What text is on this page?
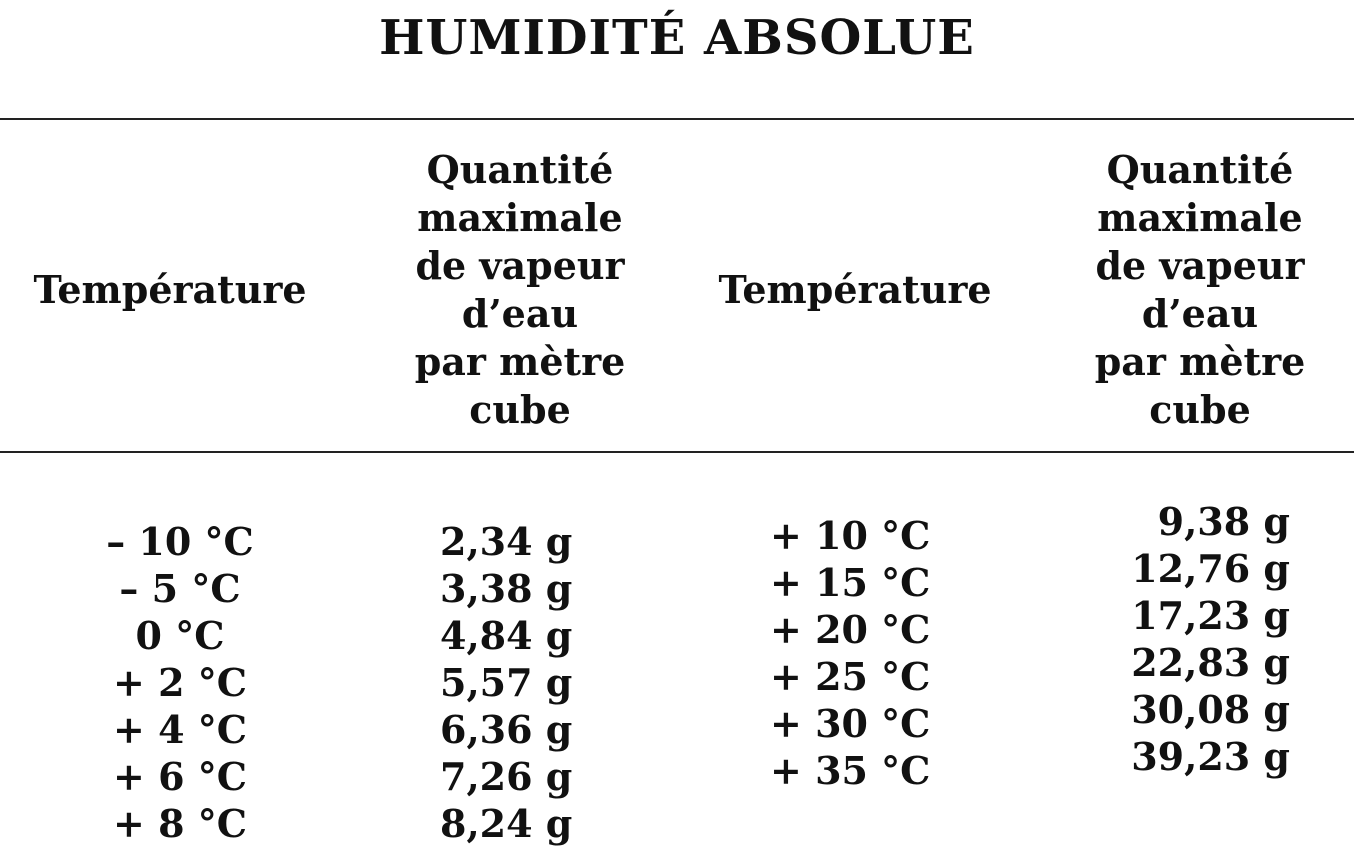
HUMIDITÉ ABSOLUE
Température
Quantité
maximale
de vapeur
d’eau
par mètre
cube
Température
Quantité
maximale
de vapeur
d’eau
par mètre
cube
– 10 °C
– 5 °C
0 °C
+ 2 °C
+ 4 °C
+ 6 °C
+ 8 °C
2,34 g
3,38 g
4,84 g
5,57 g
6,36 g
7,26 g
8,24 g
+ 10 °C
+ 15 °C
+ 20 °C
+ 25 °C
+ 30 °C
+ 35 °C
9,38 g
12,76 g
17,23 g
22,83 g
30,08 g
39,23 g
